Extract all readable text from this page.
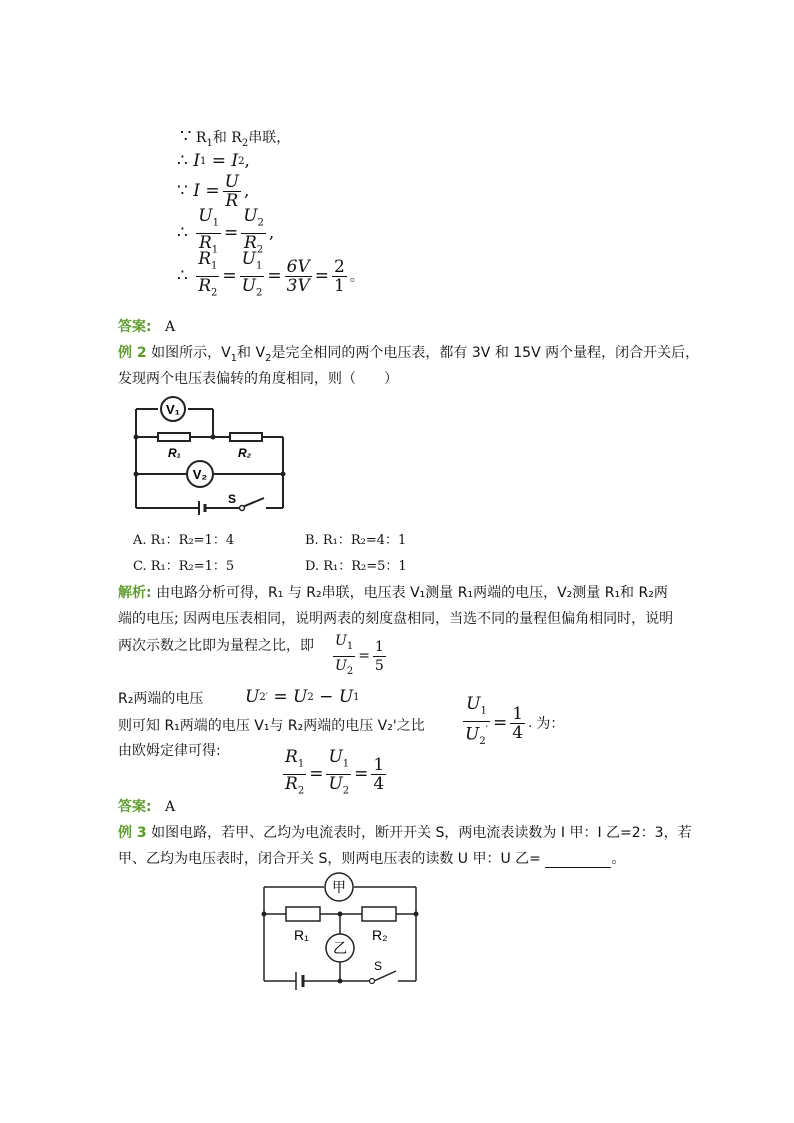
∵ $R_1$和 $R_2$串联，
∴
I 1 = I 2 ,
∵
$I = \frac{U}{R}$ ,
∴
$\frac{U_1}{R_1} = \frac{U_2}{R_2}$ ,
∴
$\frac{R_1}{R_2} = \frac{U_1}{U_2} = \frac{6V}{3V} = \frac{2}{1}$ 。
答案: A
例 2 如图所示，$V_1$和 $V_2$是完全相同的两个电压表，都有 3V 和 15V 两个量程，闭合开关后，
发现两个电压表偏转的角度相同，则（　　）
V₁
V₂
R₁	R₂
S
A. R₁：R₂=1：4	B. R₁：R₂=4：1
C. R₁：R₂=1：5	D. R₁：R₂=5：1
解析: 由电路分析可得，R₁ 与 R₂串联，电压表 V₁测量 R₁两端的电压，V₂测量 R₁和 R₂两
端的电压; 因两电压表相同，说明两表的刻度盘相同，当选不同的量程但偏角相同时，说明
两次示数之比即为量程之比，即 $\frac{U_1}{U_2} = \frac{1}{5}$
R₂两端的电压 U 2 ′ = U 2 − U 1
则可知 R₁两端的电压 V₁与 R₂两端的电压 V₂'之比 $\frac{U_1}{U_2'} = \frac{1}{4}$ . 为：
由欧姆定律可得:	$\frac{R_1}{R_2} = \frac{U_1}{U_2} = \frac{1}{4}$
答案: A
例 3 如图电路，若甲、乙均为电流表时，断开开关 S，两电流表读数为 I 甲：I 乙=2：3，若
甲、乙均为电压表时，闭合开关 S，则两电压表的读数 U 甲：U 乙=	。
甲
乙
R₁	R₂
S
